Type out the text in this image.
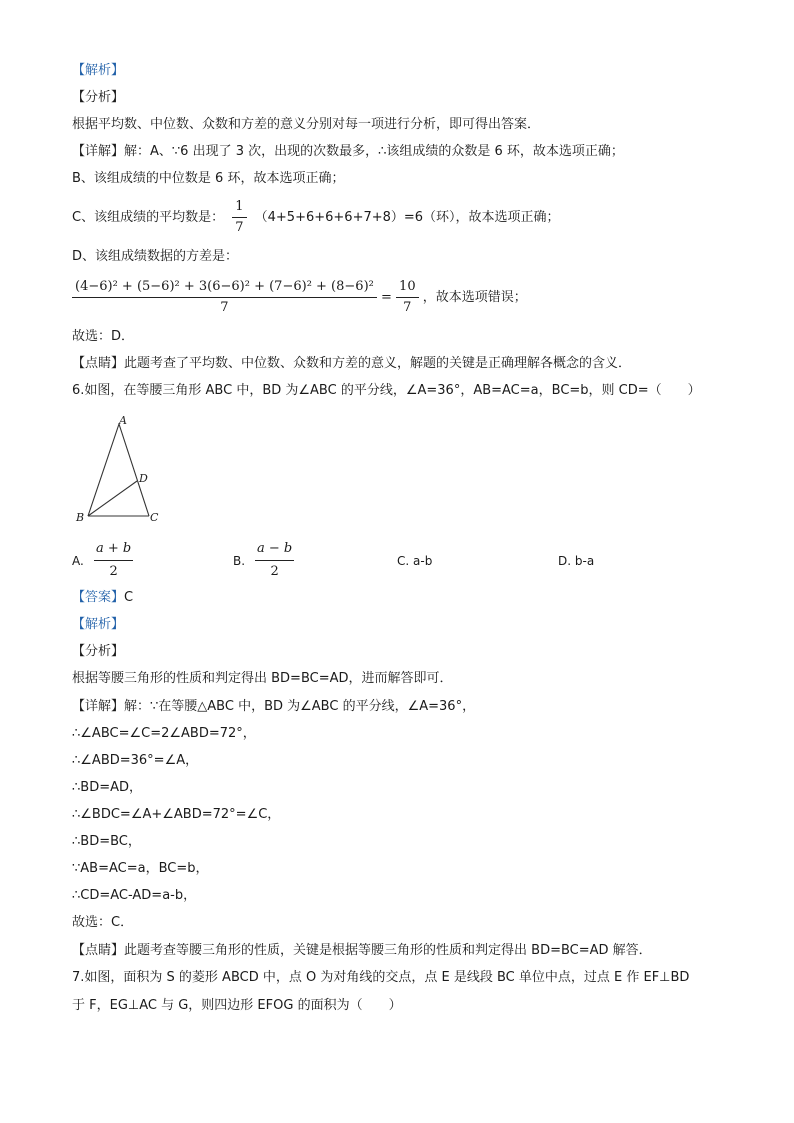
【解析】
【分析】
根据平均数、中位数、众数和方差的意义分别对每一项进行分析，即可得出答案．
【详解】解：A、∵6 出现了 3 次，出现的次数最多，∴该组成绩的众数是 6 环，故本选项正确；
B、该组成绩的中位数是 6 环，故本选项正确；
C、该组成绩的平均数是： $\frac{1}{7} (4+5+6+6+6+7+8)=6$（环），故本选项正确；
D、该组成绩数据的方差是：
$\frac{\text{(4−6)² + (5−6)² + 3(6−6)² + (7−6)² + (8−6)²}}{7} = \frac{10}{7}$ ，故本选项错误；
故选：D．
【点睛】此题考查了平均数、中位数、众数和方差的意义，解题的关键是正确理解各概念的含义．
6.如图，在等腰三角形 ABC 中，BD 为∠ABC 的平分线，∠A=36°，AB=AC=a，BC=b，则 CD=（　　）
A
D
B	C
A. $\frac{a + b}{2}$	B. $\frac{a - b}{2}$	C. a-b	D. b-a
【答案】C
【解析】
【分析】
根据等腰三角形的性质和判定得出 BD=BC=AD，进而解答即可．
【详解】解：∵在等腰△ABC 中，BD 为∠ABC 的平分线，∠A=36°，
∴∠ABC=∠C=2∠ABD=72°，
∴∠ABD=36°=∠A，
∴BD=AD，
∴∠BDC=∠A+∠ABD=72°=∠C，
∴BD=BC，
∵AB=AC=a，BC=b，
∴CD=AC-AD=a-b，
故选：C．
【点睛】此题考查等腰三角形的性质，关键是根据等腰三角形的性质和判定得出 BD=BC=AD 解答．
7.如图，面积为 S 的菱形 ABCD 中，点 O 为对角线的交点，点 E 是线段 BC 单位中点，过点 E 作 EF⊥BD
于 F，EG⊥AC 与 G，则四边形 EFOG 的面积为（　　）
